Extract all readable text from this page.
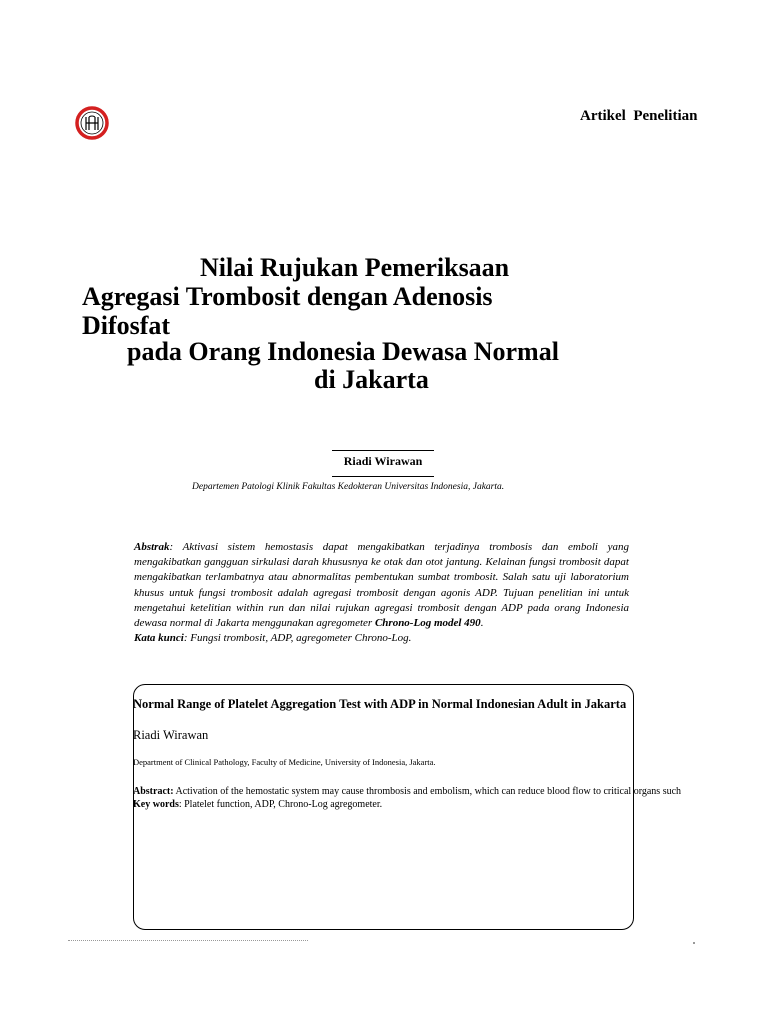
Artikel  Penelitian
Nilai Rujukan Pemeriksaan
Agregasi Trombosit dengan Adenosis
Difosfat
pada Orang Indonesia Dewasa Normal
di Jakarta
Riadi Wirawan
Departemen Patologi Klinik Fakultas Kedokteran Universitas Indonesia, Jakarta.
Abstrak: Aktivasi sistem hemostasis dapat mengakibatkan terjadinya trombosis dan emboli yang mengakibatkan gangguan sirkulasi darah khususnya ke otak dan otot jantung. Kelainan fungsi trombosit dapat mengakibatkan terlambatnya atau abnormalitas pembentukan sumbat trombosit. Salah satu uji laboratorium khusus untuk fungsi trombosit adalah agregasi trombosit dengan agonis ADP. Tujuan penelitian ini untuk mengetahui ketelitian within run dan nilai rujukan agregasi trombosit dengan ADP pada orang Indonesia dewasa normal di Jakarta menggunakan agregometer Chrono-Log model 490.
Kata kunci: Fungsi trombosit, ADP, agregometer Chrono-Log.
Normal Range of Platelet Aggregation Test with ADP in Normal Indonesian Adult in Jakarta
Riadi Wirawan
Department of Clinical Pathology, Faculty of Medicine, University of Indonesia, Jakarta.
Abstract: Activation of the hemostatic system may cause thrombosis and embolism, which can reduce blood flow to critical organs such
Key words: Platelet function, ADP, Chrono-Log agregometer.
